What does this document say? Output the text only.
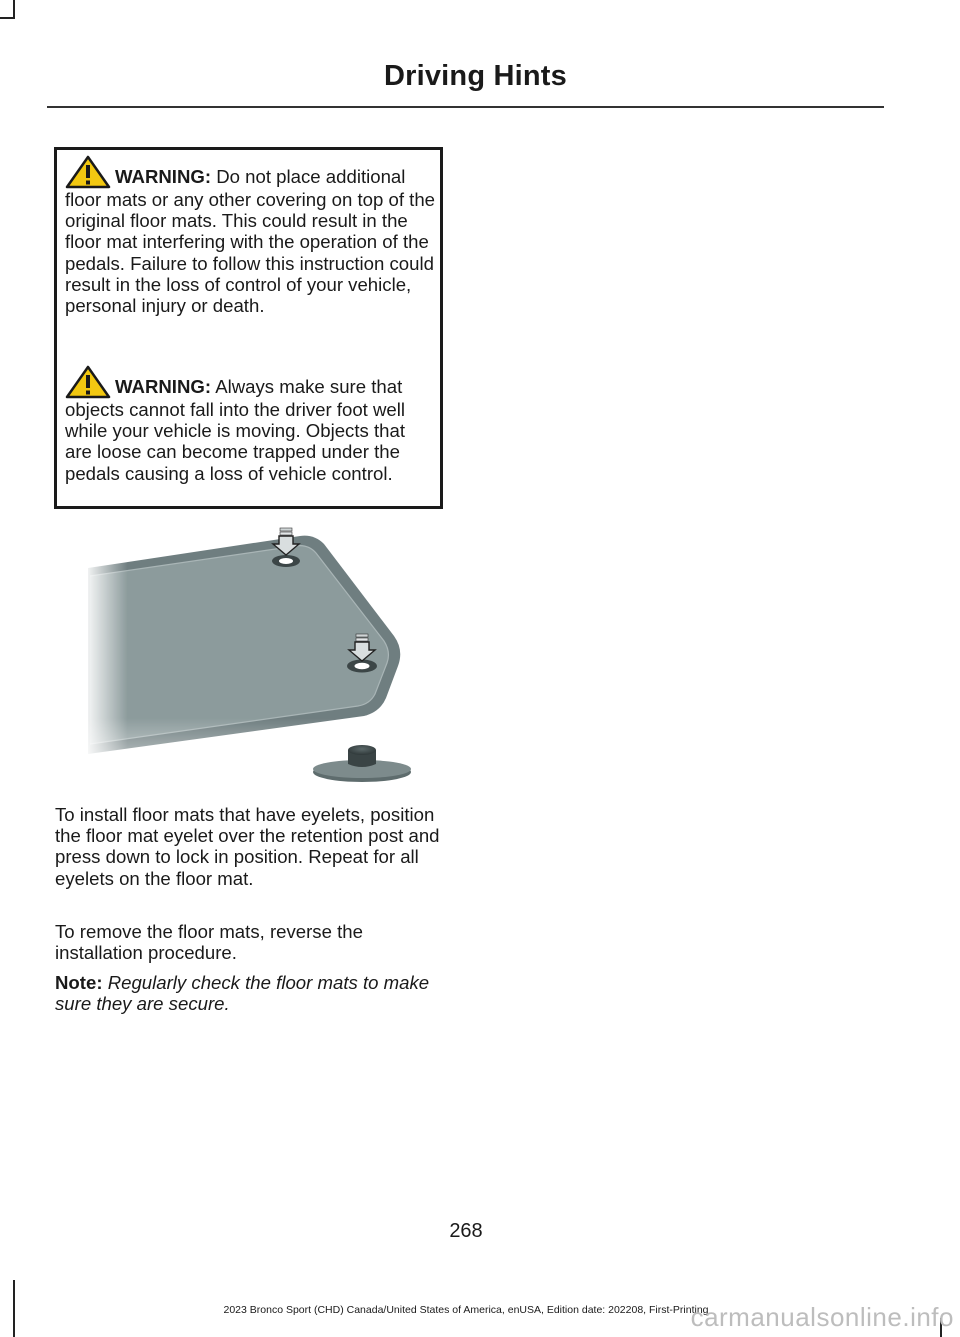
Driving Hints

WARNING: Do not place additional floor mats or any other covering on top of the original floor mats. This could result in the floor mat interfering with the operation of the pedals. Failure to follow this instruction could result in the loss of control of your vehicle, personal injury or death.

WARNING: Always make sure that objects cannot fall into the driver foot well while your vehicle is moving. Objects that are loose can become trapped under the pedals causing a loss of vehicle control.

To install floor mats that have eyelets, position the floor mat eyelet over the retention post and press down to lock in position. Repeat for all eyelets on the floor mat.

To remove the floor mats, reverse the installation procedure.

Note: Regularly check the floor mats to make sure they are secure.

268
2023 Bronco Sport (CHD) Canada/United States of America, enUSA, Edition date: 202208, First-Printing
carmanualsonline.info
